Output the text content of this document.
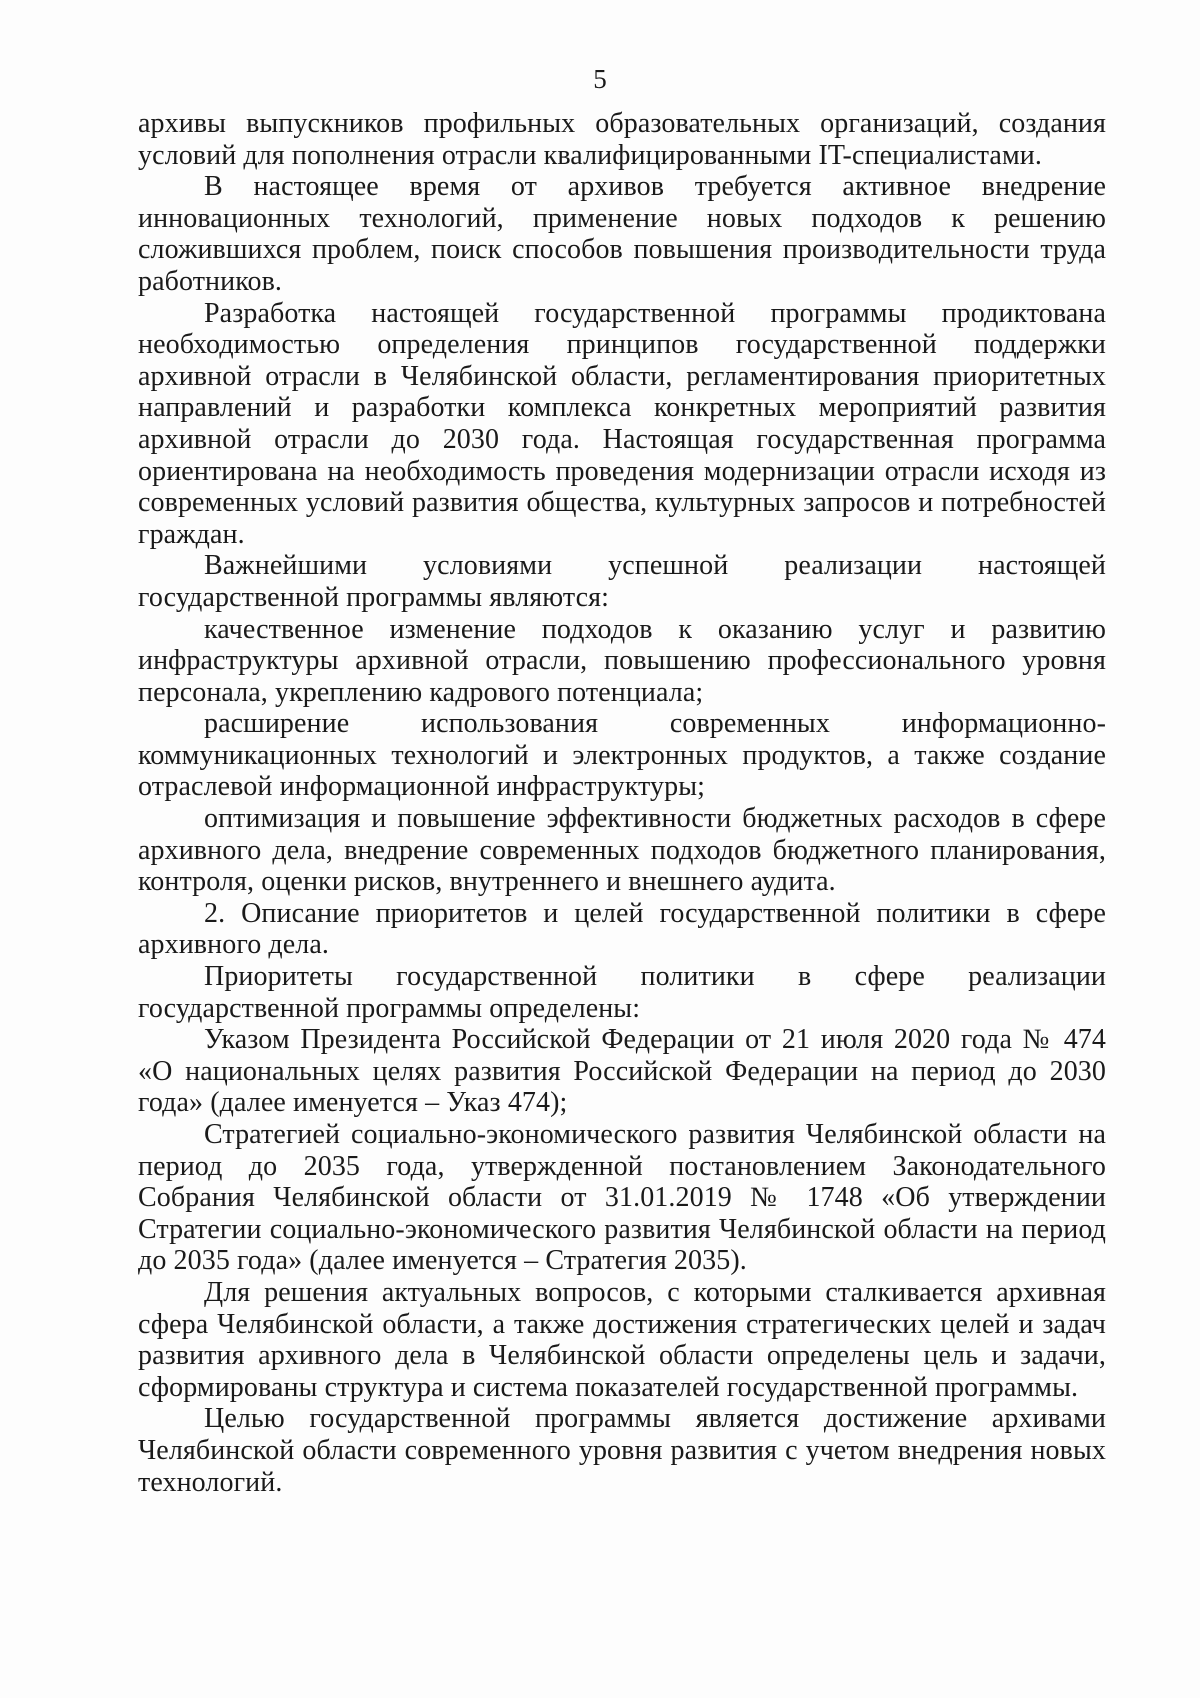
5

архивы выпускников профильных образовательных организаций, создания условий для пополнения отрасли квалифицированными IT-специалистами.

В настоящее время от архивов требуется активное внедрение инновационных технологий, применение новых подходов к решению сложившихся проблем, поиск способов повышения производительности труда работников.

Разработка настоящей государственной программы продиктована необходимостью определения принципов государственной поддержки архивной отрасли в Челябинской области, регламентирования приоритетных направлений и разработки комплекса конкретных мероприятий развития архивной отрасли до 2030 года. Настоящая государственная программа ориентирована на необходимость проведения модернизации отрасли исходя из современных условий развития общества, культурных запросов и потребностей граждан.

Важнейшими условиями успешной реализации настоящей государственной программы являются:

качественное изменение подходов к оказанию услуг и развитию инфраструктуры архивной отрасли, повышению профессионального уровня персонала, укреплению кадрового потенциала;

расширение использования современных информационно-коммуникационных технологий и электронных продуктов, а также создание отраслевой информационной инфраструктуры;

оптимизация и повышение эффективности бюджетных расходов в сфере архивного дела, внедрение современных подходов бюджетного планирования, контроля, оценки рисков, внутреннего и внешнего аудита.

2. Описание приоритетов и целей государственной политики в сфере архивного дела.

Приоритеты государственной политики в сфере реализации государственной программы определены:

Указом Президента Российской Федерации от 21 июля 2020 года № 474 «О национальных целях развития Российской Федерации на период до 2030 года» (далее именуется – Указ 474);

Стратегией социально-экономического развития Челябинской области на период до 2035 года, утвержденной постановлением Законодательного Собрания Челябинской области от 31.01.2019 № 1748 «Об утверждении Стратегии социально-экономического развития Челябинской области на период до 2035 года» (далее именуется – Стратегия 2035).

Для решения актуальных вопросов, с которыми сталкивается архивная сфера Челябинской области, а также достижения стратегических целей и задач развития архивного дела в Челябинской области определены цель и задачи, сформированы структура и система показателей государственной программы.

Целью государственной программы является достижение архивами Челябинской области современного уровня развития с учетом внедрения новых технологий.
